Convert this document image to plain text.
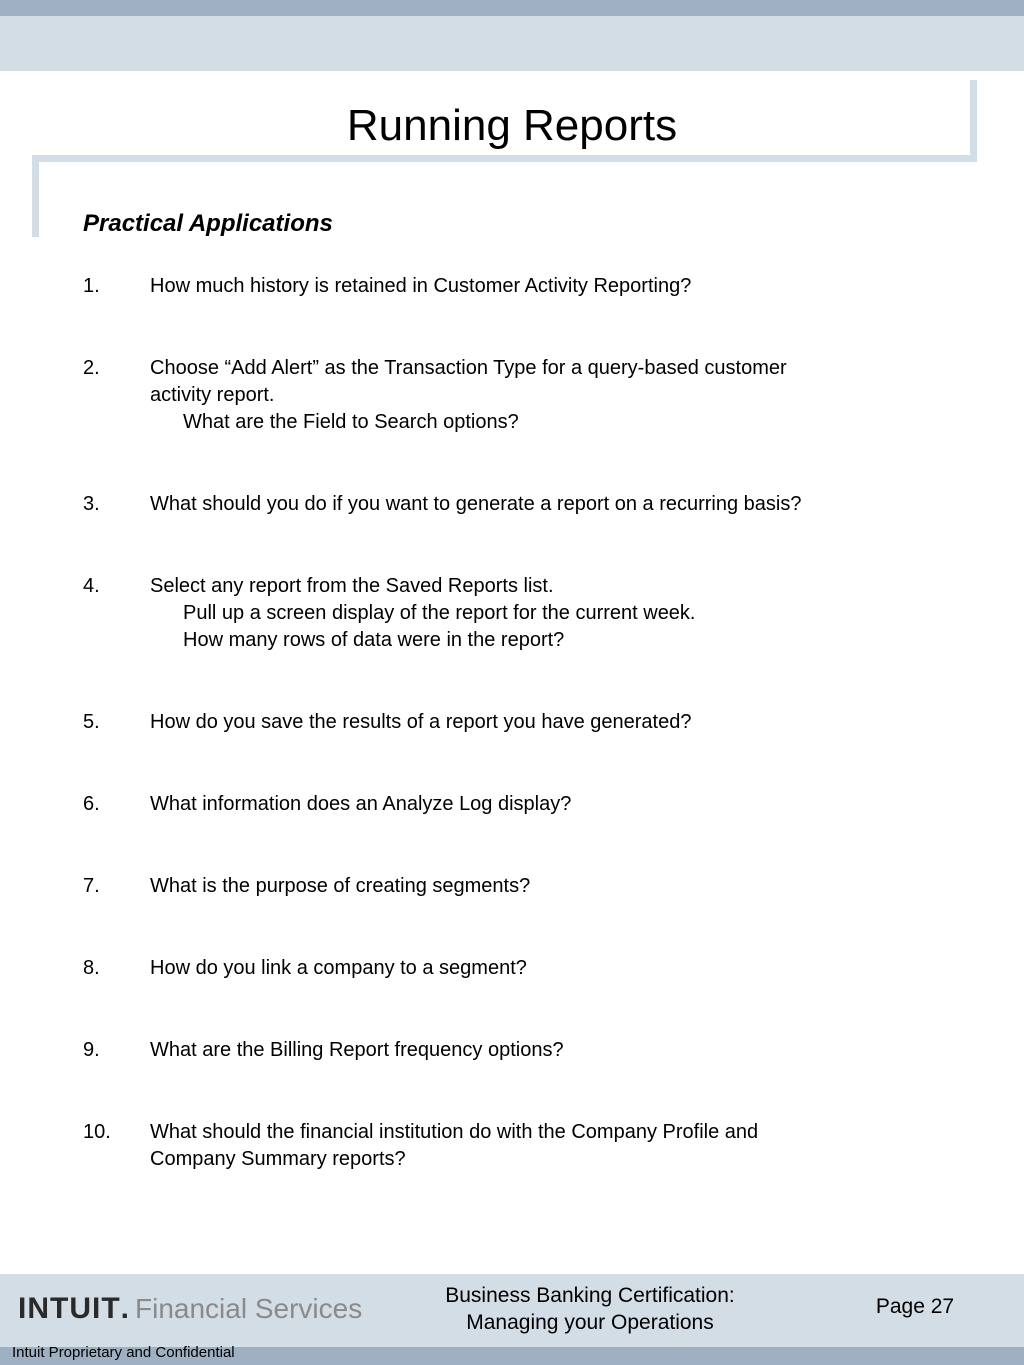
Running Reports
Practical Applications
1.	How much history is retained in Customer Activity Reporting?
2.	Choose “Add Alert” as the Transaction Type for a query-based customer
activity report.
What are the Field to Search options?
3.	What should you do if you want to generate a report on a recurring basis?
4.	Select any report from the Saved Reports list.
Pull up a screen display of the report for the current week.
How many rows of data were in the report?
5.	How do you save the results of a report you have generated?
6.	What information does an Analyze Log display?
7.	What is the purpose of creating segments?
8.	How do you link a company to a segment?
9.	What are the Billing Report frequency options?
10. What should the financial institution do with the Company Profile and
Company Summary reports?
INTUIT . Financial Services
Intuit Proprietary and Confidential
Business Banking Certification:
Managing your Operations
Page 27
